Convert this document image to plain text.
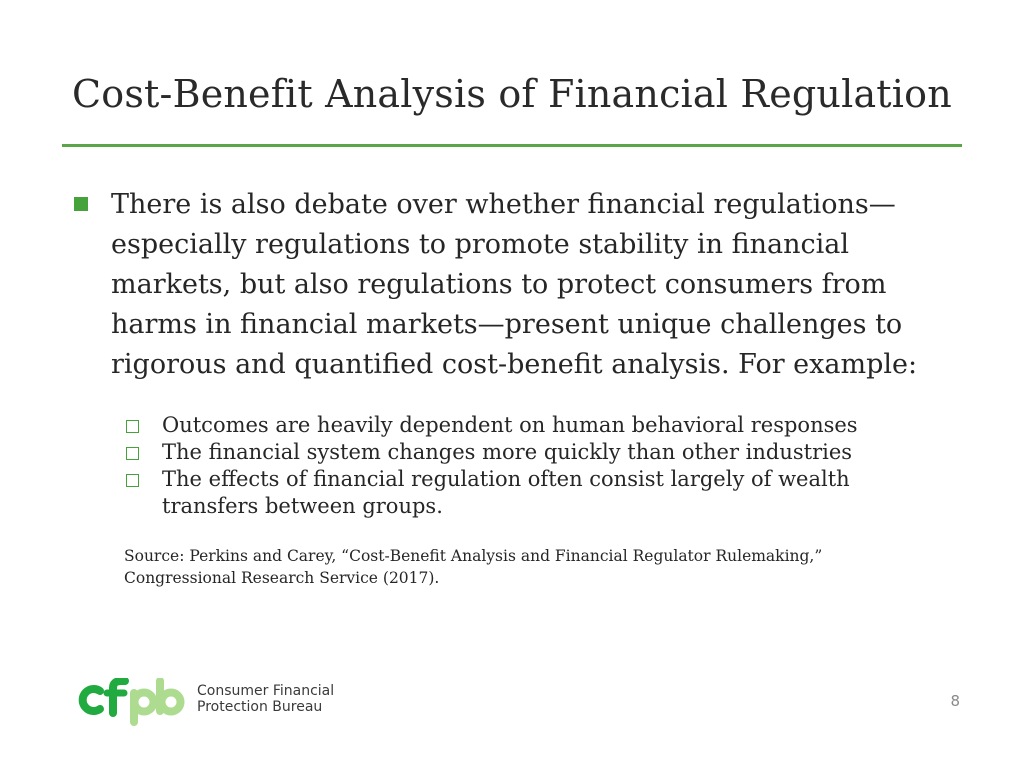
Cost-Benefit Analysis of Financial Regulation
There is also debate over whether financial regulations—especially regulations to promote stability in financial markets, but also regulations to protect consumers from harms in financial markets—present unique challenges to rigorous and quantified cost-benefit analysis. For example:
Outcomes are heavily dependent on human behavioral responses
The financial system changes more quickly than other industries
The effects of financial regulation often consist largely of wealth transfers between groups.
Source: Perkins and Carey, “Cost-Benefit Analysis and Financial Regulator Rulemaking,” Congressional Research Service (2017).
Consumer Financial
Protection Bureau	8
